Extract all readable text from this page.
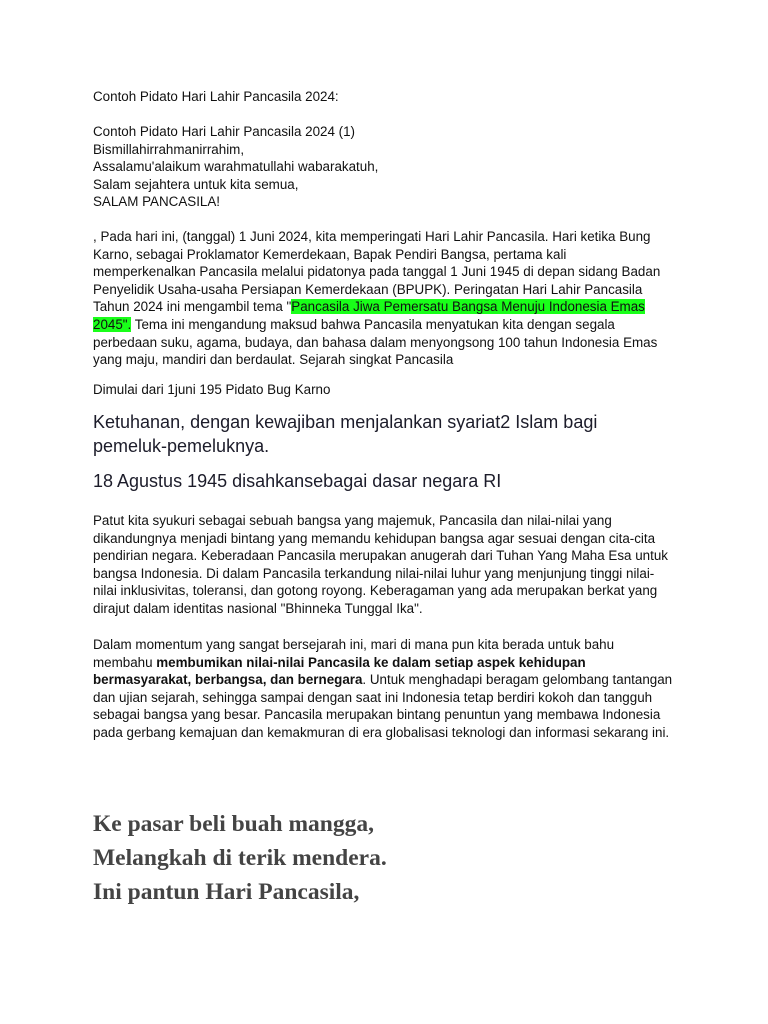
Contoh Pidato Hari Lahir Pancasila 2024:
Contoh Pidato Hari Lahir Pancasila 2024 (1)
Bismillahirrahmanirrahim,
Assalamu'alaikum warahmatullahi wabarakatuh,
Salam sejahtera untuk kita semua,
SALAM PANCASILA!
, Pada hari ini, (tanggal) 1 Juni 2024, kita memperingati Hari Lahir Pancasila. Hari ketika Bung Karno, sebagai Proklamator Kemerdekaan, Bapak Pendiri Bangsa, pertama kali memperkenalkan Pancasila melalui pidatonya pada tanggal 1 Juni 1945 di depan sidang Badan Penyelidik Usaha-usaha Persiapan Kemerdekaan (BPUPK). Peringatan Hari Lahir Pancasila Tahun 2024 ini mengambil tema "Pancasila Jiwa Pemersatu Bangsa Menuju Indonesia Emas 2045". Tema ini mengandung maksud bahwa Pancasila menyatukan kita dengan segala perbedaan suku, agama, budaya, dan bahasa dalam menyongsong 100 tahun Indonesia Emas yang maju, mandiri dan berdaulat. Sejarah singkat Pancasila
Dimulai dari 1juni 195 Pidato Bug Karno
Ketuhanan, dengan kewajiban menjalankan syariat2 Islam bagi pemeluk-pemeluknya.
18 Agustus 1945 disahkansebagai dasar negara RI
Patut kita syukuri sebagai sebuah bangsa yang majemuk, Pancasila dan nilai-nilai yang dikandungnya menjadi bintang yang memandu kehidupan bangsa agar sesuai dengan cita-cita pendirian negara. Keberadaan Pancasila merupakan anugerah dari Tuhan Yang Maha Esa untuk bangsa Indonesia. Di dalam Pancasila terkandung nilai-nilai luhur yang menjunjung tinggi nilai-nilai inklusivitas, toleransi, dan gotong royong. Keberagaman yang ada merupakan berkat yang dirajut dalam identitas nasional "Bhinneka Tunggal Ika".
Dalam momentum yang sangat bersejarah ini, mari di mana pun kita berada untuk bahu membahu membumikan nilai-nilai Pancasila ke dalam setiap aspek kehidupan bermasyarakat, berbangsa, dan bernegara. Untuk menghadapi beragam gelombang tantangan dan ujian sejarah, sehingga sampai dengan saat ini Indonesia tetap berdiri kokoh dan tangguh sebagai bangsa yang besar. Pancasila merupakan bintang penuntun yang membawa Indonesia pada gerbang kemajuan dan kemakmuran di era globalisasi teknologi dan informasi sekarang ini.
Ke pasar beli buah mangga,
Melangkah di terik mendera.
Ini pantun Hari Pancasila,
